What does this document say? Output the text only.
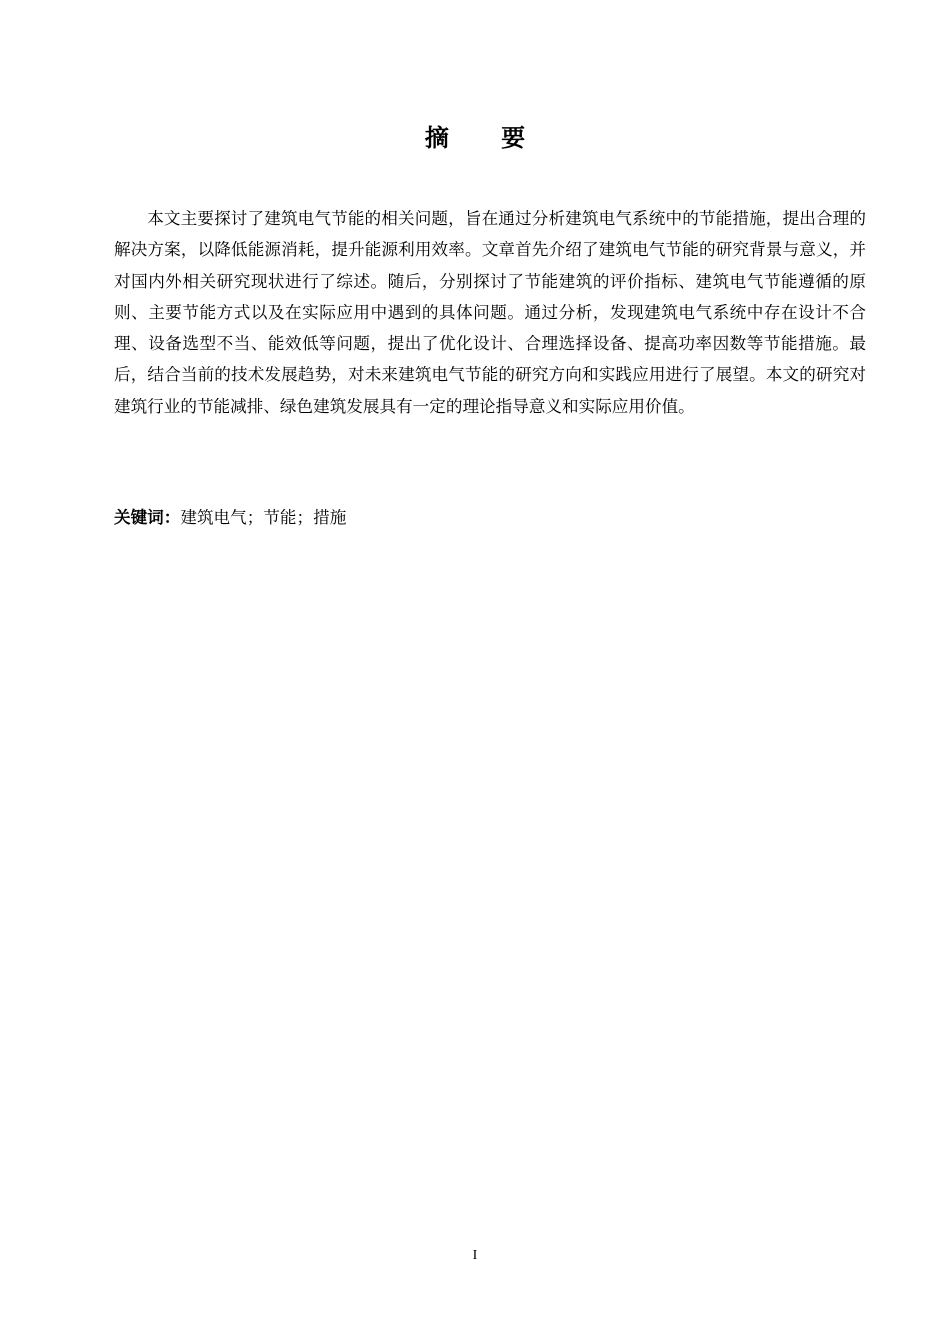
摘 要

本文主要探讨了建筑电气节能的相关问题，旨在通过分析建筑电气系统中的节能措施，提出合理的解决方案，以降低能源消耗，提升能源利用效率。文章首先介绍了建筑电气节能的研究背景与意义，并对国内外相关研究现状进行了综述。随后，分别探讨了节能建筑的评价指标、建筑电气节能遵循的原则、主要节能方式以及在实际应用中遇到的具体问题。通过分析，发现建筑电气系统中存在设计不合理、设备选型不当、能效低等问题，提出了优化设计、合理选择设备、提高功率因数等节能措施。最后，结合当前的技术发展趋势，对未来建筑电气节能的研究方向和实践应用进行了展望。本文的研究对建筑行业的节能减排、绿色建筑发展具有一定的理论指导意义和实际应用价值。

关键词：建筑电气；节能；措施
I
